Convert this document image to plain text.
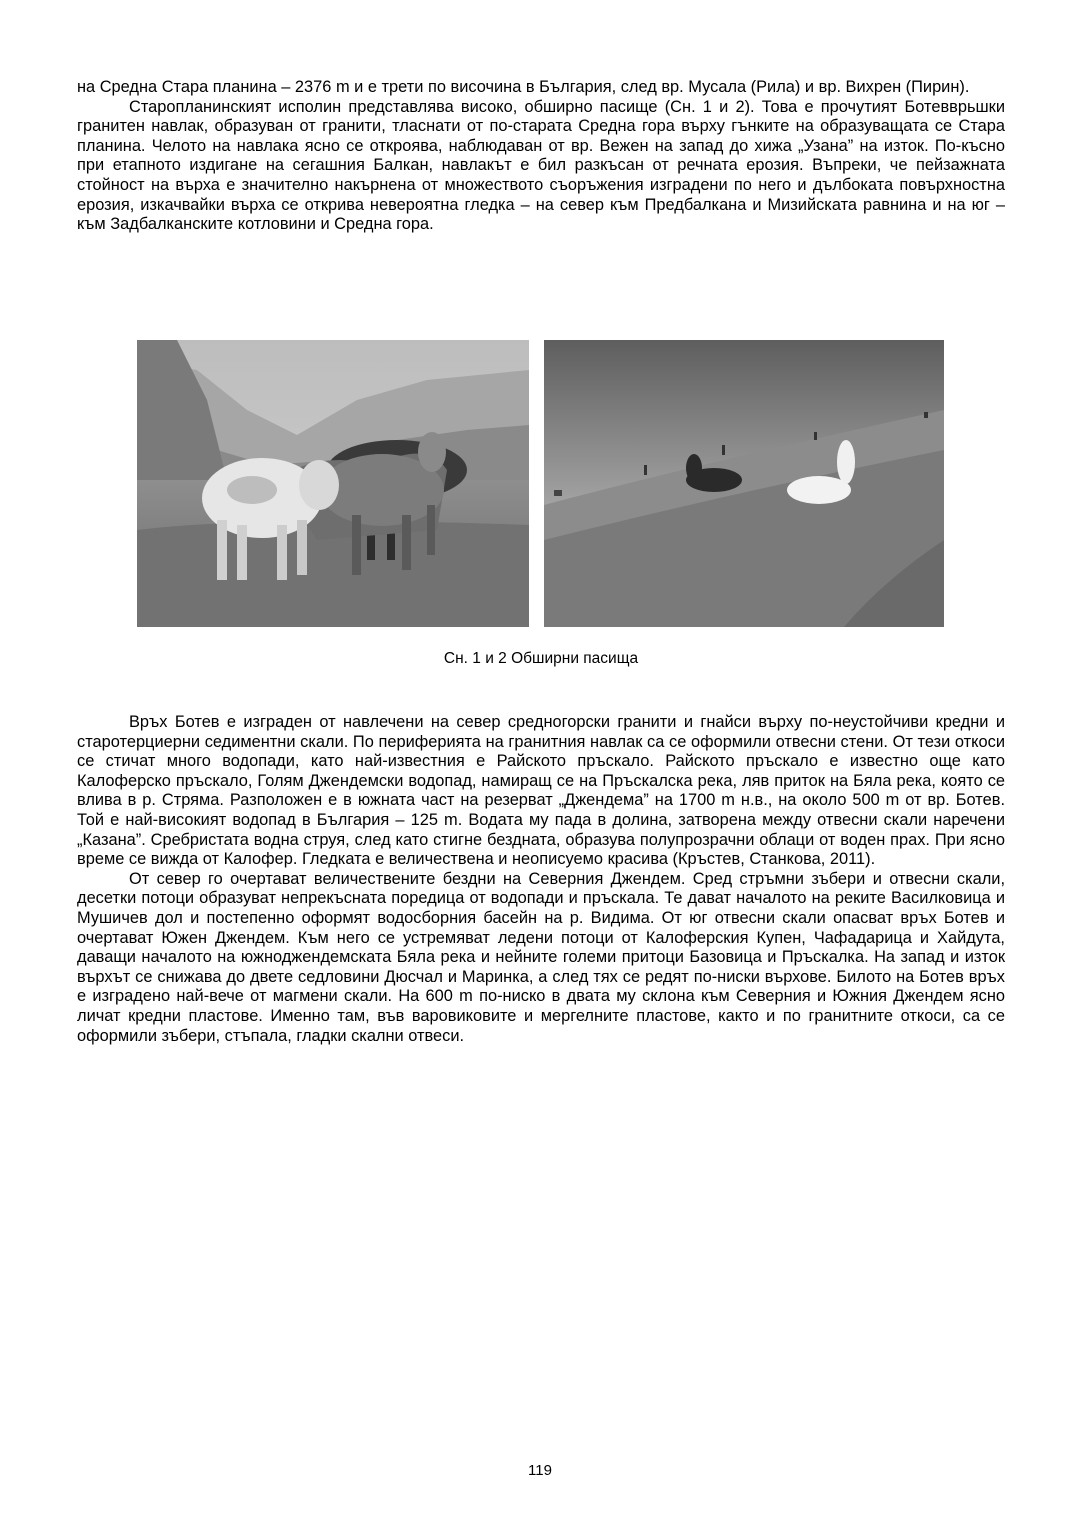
на Средна Стара планина – 2376 m и е трети по височина в България, след вр. Мусала (Рила) и вр. Вихрен (Пирин).

Старопланинският исполин представлява високо, обширно пасище (Сн. 1 и 2). Това е прочутият Ботевврьшки гранитен навлак, образуван от гранити, тласнати от по-старата Средна гора върху гънките на образуващата се Стара планина. Челото на навлака ясно се откроява, наблюдаван от вр. Вежен на запад до хижа „Узана” на изток. По-късно при етапното издигане на сегашния Балкан, навлакът е бил разкъсан от речната ерозия. Въпреки, че пейзажната стойност на върха е значително накърнена от множеството съоръжения изградени по него и дълбоката повърхностна ерозия, изкачвайки върха се открива невероятна гледка – на север към Предбалкана и Мизийската равнина и на юг – към Задбалканските котловини и Средна гора.

Сн. 1 и 2 Обширни пасища

Връх Ботев е изграден от навлечени на север средногорски гранити и гнайси върху по-неустойчиви кредни и старотерциерни седиментни скали. По периферията на гранитния навлак са се оформили отвесни стени. От тези откоси се стичат много водопади, като най-известния е Райското пръскало. Райското пръскало е известно още като Калоферско пръскало, Голям Джендемски водопад, намиращ се на Пръскалска река, ляв приток на Бяла река, която се влива в р. Стряма. Разположен е в южната част на резерват „Джендема” на 1700 m н.в., на около 500 m от вр. Ботев. Той е най-високият водопад в България – 125 m. Водата му пада в долина, затворена между отвесни скали наречени „Казана”. Сребристата водна струя, след като стигне бездната, образува полупрозрачни облаци от воден прах. При ясно време се вижда от Калофер. Гледката е величествена и неописуемо красива (Кръстев, Станкова, 2011).

От север го очертават величествените бездни на Северния Джендем. Сред стръмни зъбери и отвесни скали, десетки потоци образуват непрекъсната поредица от водопади и пръскала. Те дават началото на реките Василковица и Мушичев дол и постепенно оформят водосборния басейн на р. Видима. От юг отвесни скали опасват връх Ботев и очертават Южен Джендем. Към него се устремяват ледени потоци от Калоферския Купен, Чафадарица и Хайдута, даващи началото на южноджендемската Бяла река и нейните големи притоци Базовица и Пръскалка. На запад и изток върхът се снижава до двете седловини Дюсчал и Маринка, а след тях се редят по-ниски върхове. Билото на Ботев връх е изградено най-вече от магмени скали. На 600 m по-ниско в двата му склона към Северния и Южния Джендем ясно личат кредни пластове. Именно там, във варовиковите и мергелните пластове, както и по гранитните откоси, са се оформили зъбери, стъпала, гладки скални отвеси.

119
